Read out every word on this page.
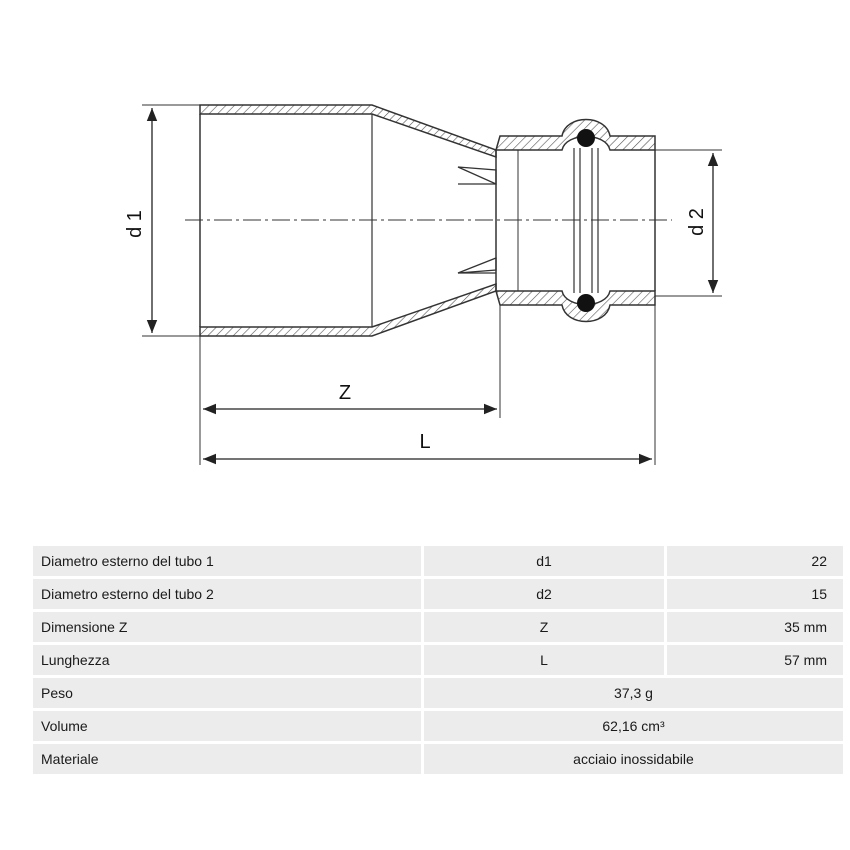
d 1	d 2
Z
L
Diametro esterno del tubo 1	d1	22
Diametro esterno del tubo 2	d2	15
Dimensione Z	Z	35 mm
Lunghezza	L	57 mm
Peso	37,3 g	
Volume	62,16 cm³	
Materiale	acciaio inossidabile	
